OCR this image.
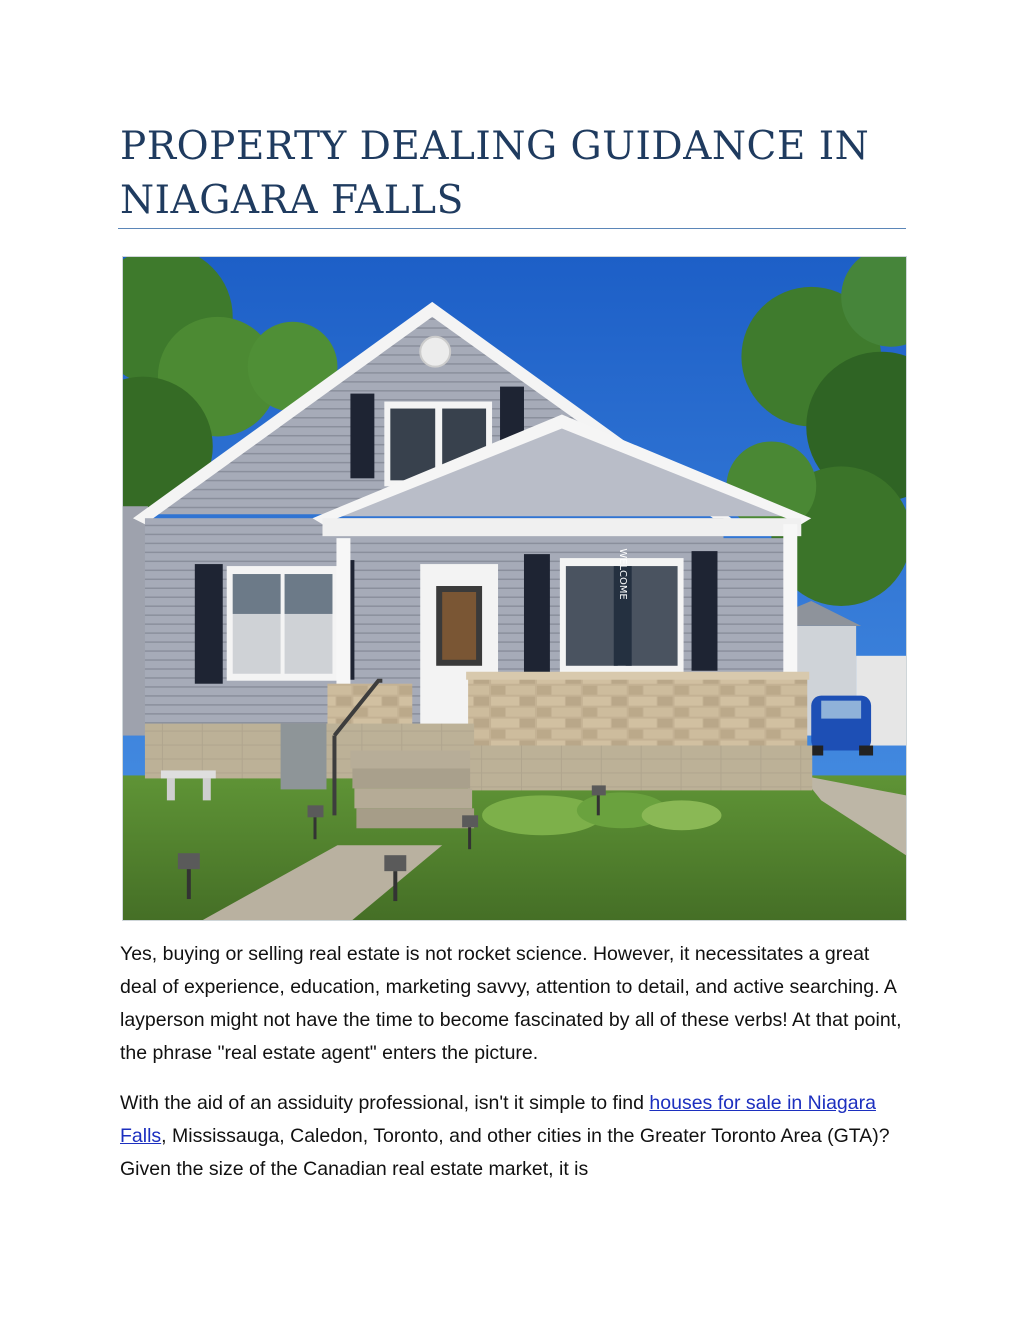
PROPERTY DEALING GUIDANCE IN NIAGARA FALLS
WELCOME

Yes, buying or selling real estate is not rocket science. However, it necessitates a great deal of experience, education, marketing savvy, attention to detail, and active searching. A layperson might not have the time to become fascinated by all of these verbs! At that point, the phrase "real estate agent" enters the picture.

With the aid of an assiduity professional, isn't it simple to find houses for sale in Niagara Falls, Mississauga, Caledon, Toronto, and other cities in the Greater Toronto Area (GTA)? Given the size of the Canadian real estate market, it is
